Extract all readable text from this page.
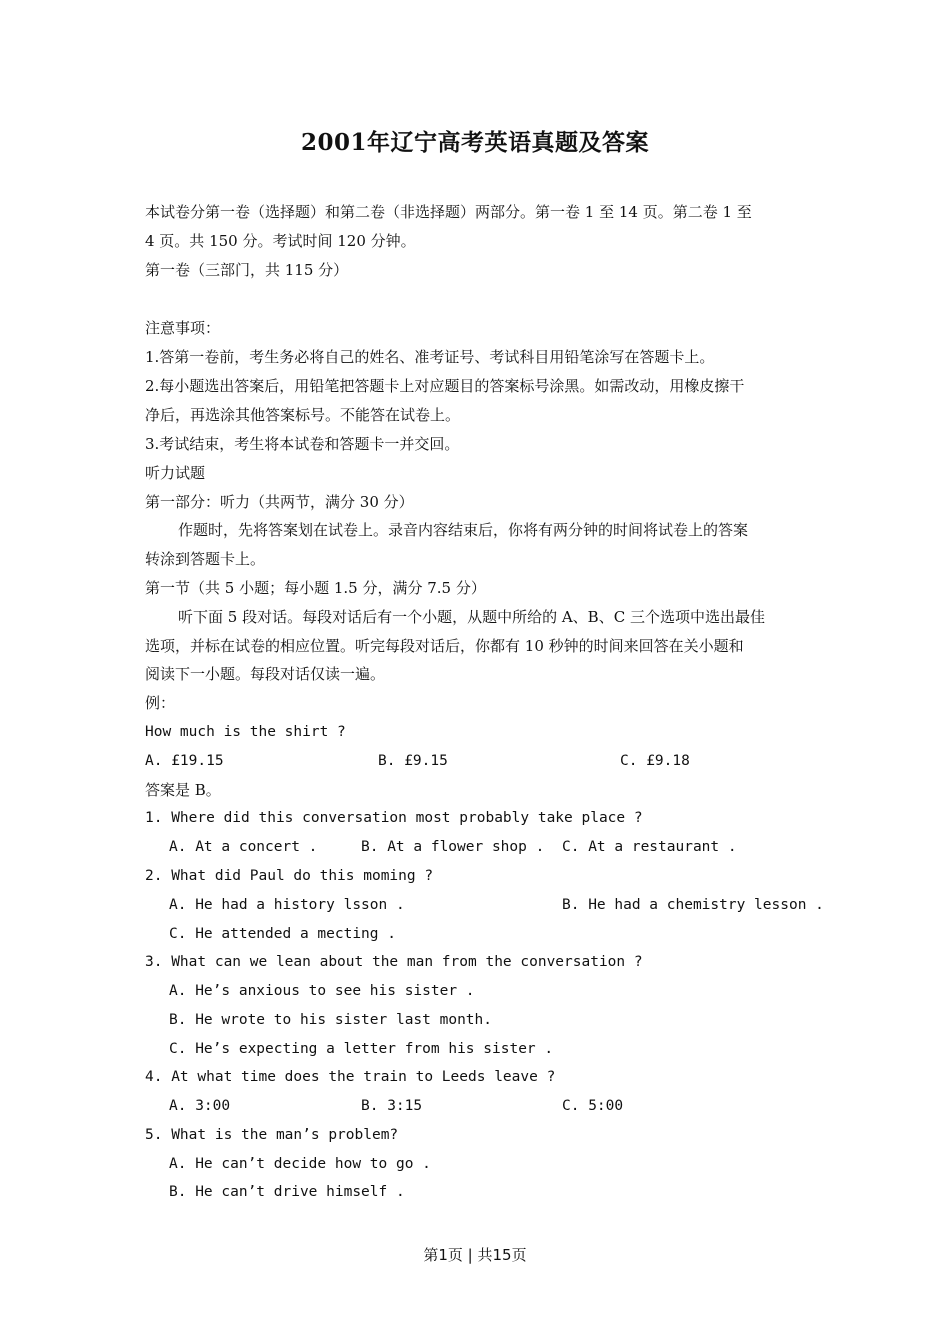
2001年辽宁高考英语真题及答案
本试卷分第一卷（选择题）和第二卷（非选择题）两部分。第一卷 1 至 14 页。第二卷 1 至
4 页。共 150 分。考试时间 120 分钟。
第一卷（三部门，共 115 分）
注意事项：
1.答第一卷前，考生务必将自己的姓名、准考证号、考试科目用铅笔涂写在答题卡上。
2.每小题选出答案后，用铅笔把答题卡上对应题目的答案标号涂黑。如需改动，用橡皮擦干
净后，再选涂其他答案标号。不能答在试卷上。
3.考试结束，考生将本试卷和答题卡一并交回。
听力试题
第一部分：听力（共两节，满分 30 分）
作题时，先将答案划在试卷上。录音内容结束后，你将有两分钟的时间将试卷上的答案
转涂到答题卡上。
第一节（共 5 小题；每小题 1.5 分，满分 7.5 分）
听下面 5 段对话。每段对话后有一个小题，从题中所给的 A、B、C 三个选项中选出最佳
选项，并标在试卷的相应位置。听完每段对话后，你都有 10 秒钟的时间来回答在关小题和
阅读下一小题。每段对话仅读一遍。
例：
How much is the shirt ?
A. £19.15	B. £9.15	C. £9.18
答案是 B。
1. Where did this conversation most probably take place ?
A. At a concert .	B. At a flower shop . C. At a restaurant .
2. What did Paul do this moming ?
A. He had a history lsson .	B. He had a chemistry lesson .
C. He attended a mecting .
3. What can we lean about the man from the conversation ?
A. He’s anxious to see his sister .
B. He wrote to his sister last month.
C. He’s expecting a letter from his sister .
4. At what time does the train to Leeds leave ?
A. 3:00	B. 3:15	C. 5:00
5. What is the man’s problem?
A. He can’t decide how to go .
B. He can’t drive himself .
第1页 | 共15页
